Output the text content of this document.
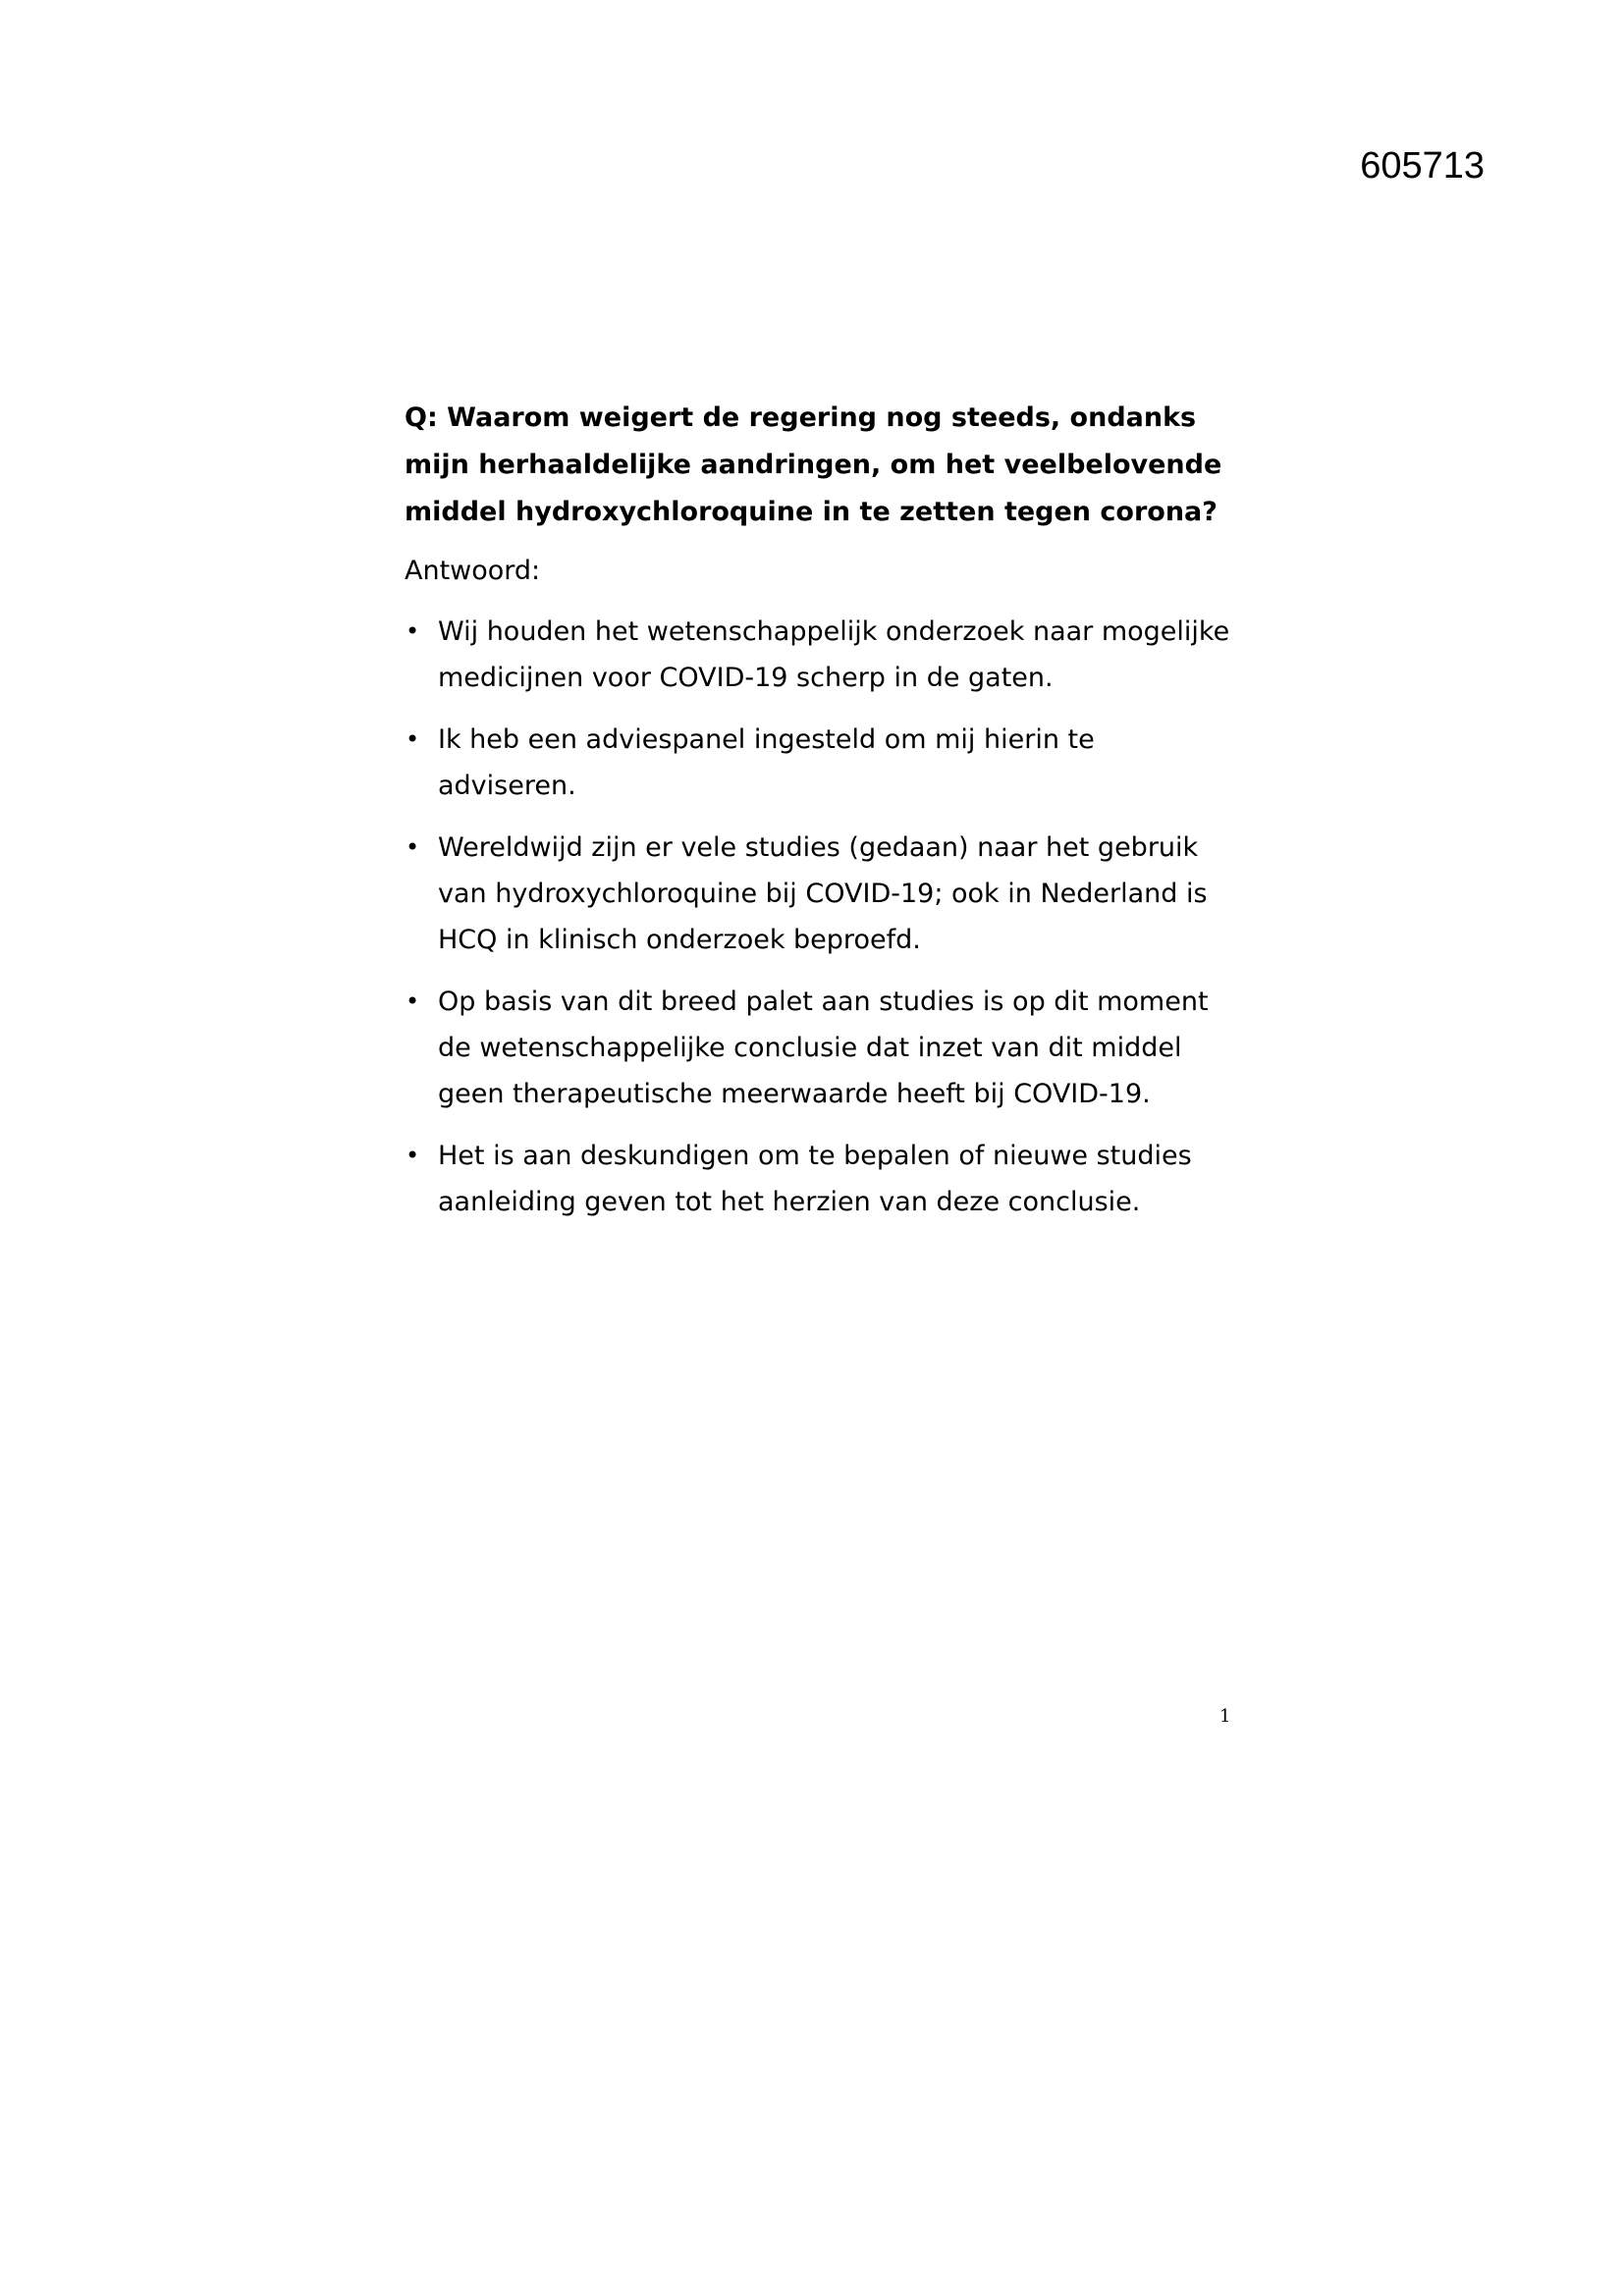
605713

Q: Waarom weigert de regering nog steeds, ondanks mijn herhaaldelijke aandringen, om het veelbelovende middel hydroxychloroquine in te zetten tegen corona?

Antwoord:

• Wij houden het wetenschappelijk onderzoek naar mogelijke medicijnen voor COVID-19 scherp in de gaten.
• Ik heb een adviespanel ingesteld om mij hierin te adviseren.
• Wereldwijd zijn er vele studies (gedaan) naar het gebruik van hydroxychloroquine bij COVID-19; ook in Nederland is HCQ in klinisch onderzoek beproefd.
• Op basis van dit breed palet aan studies is op dit moment de wetenschappelijke conclusie dat inzet van dit middel geen therapeutische meerwaarde heeft bij COVID-19.
• Het is aan deskundigen om te bepalen of nieuwe studies aanleiding geven tot het herzien van deze conclusie.
1
